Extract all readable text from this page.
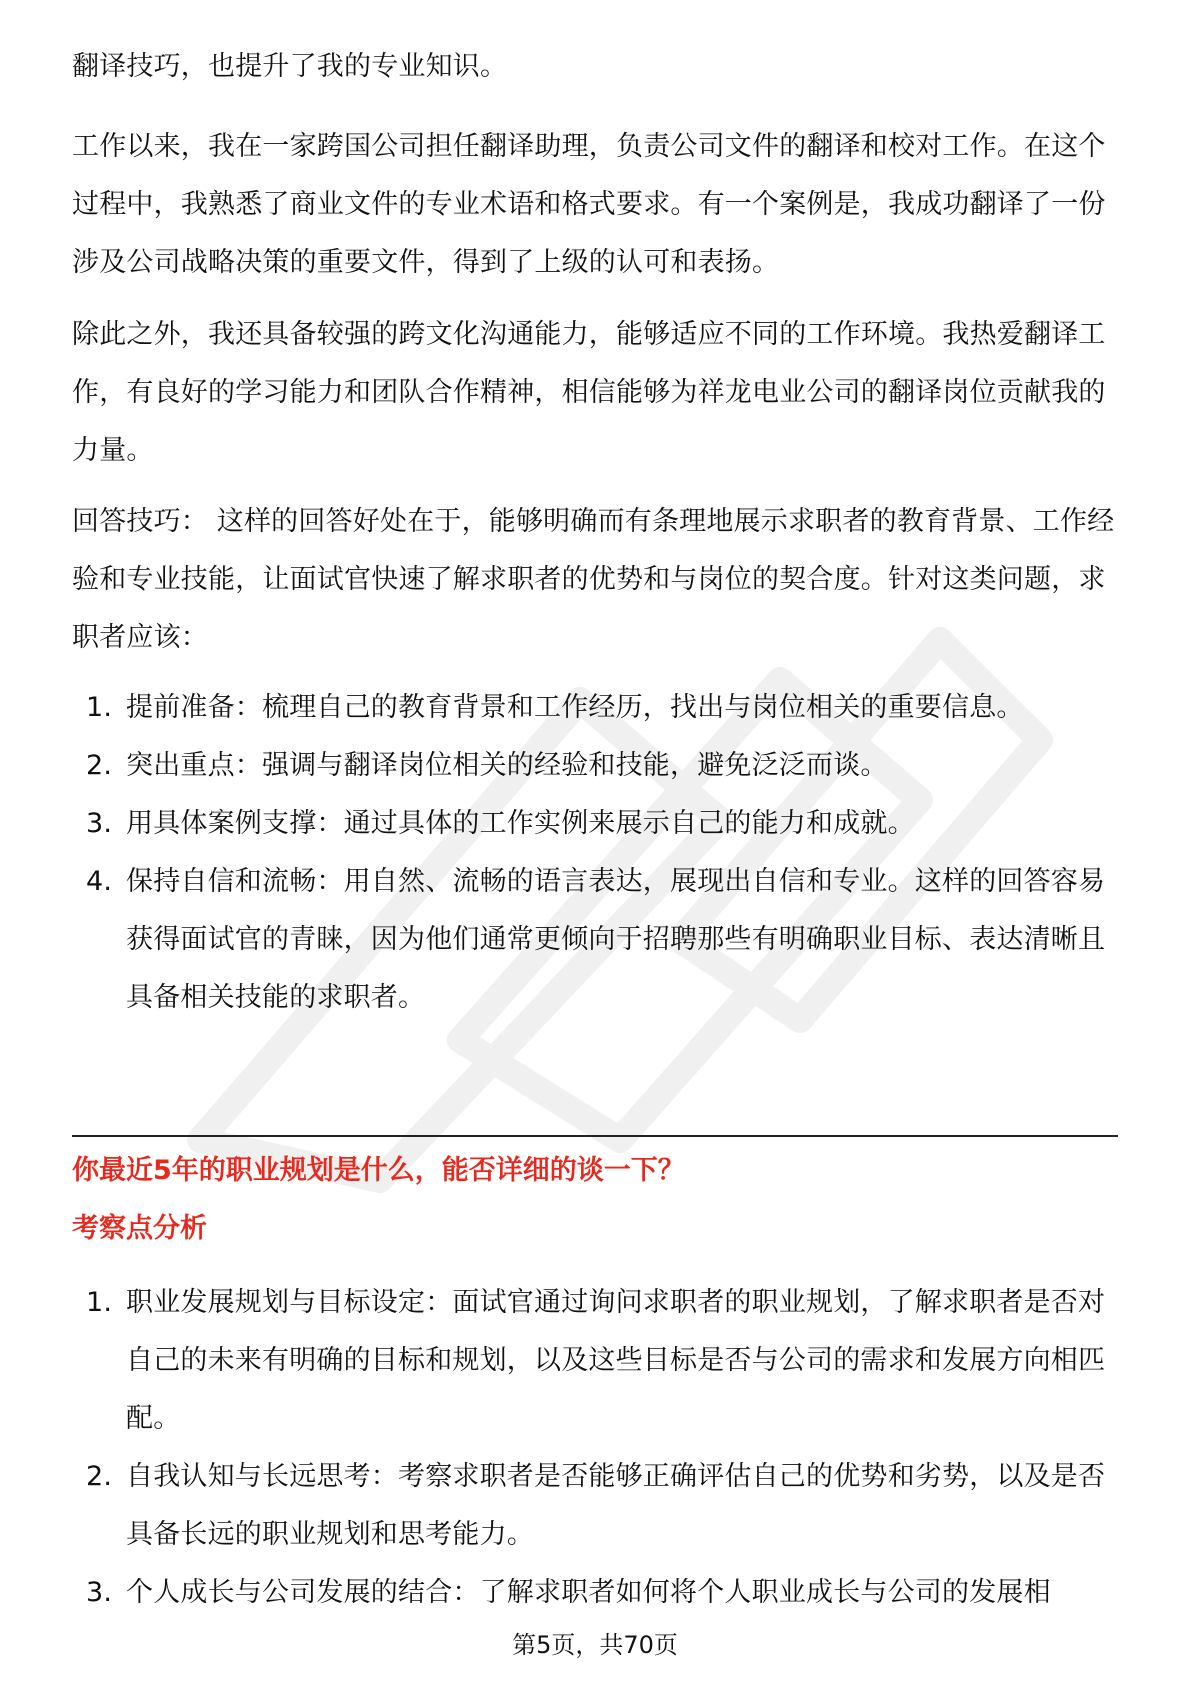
翻译技巧，也提升了我的专业知识。

工作以来，我在一家跨国公司担任翻译助理，负责公司文件的翻译和校对工作。在这个过程中，我熟悉了商业文件的专业术语和格式要求。有一个案例是，我成功翻译了一份涉及公司战略决策的重要文件，得到了上级的认可和表扬。

除此之外，我还具备较强的跨文化沟通能力，能够适应不同的工作环境。我热爱翻译工作，有良好的学习能力和团队合作精神，相信能够为祥龙电业公司的翻译岗位贡献我的力量。

回答技巧： 这样的回答好处在于，能够明确而有条理地展示求职者的教育背景、工作经验和专业技能，让面试官快速了解求职者的优势和与岗位的契合度。针对这类问题，求职者应该：

1. 提前准备：梳理自己的教育背景和工作经历，找出与岗位相关的重要信息。
2. 突出重点：强调与翻译岗位相关的经验和技能，避免泛泛而谈。
3. 用具体案例支撑：通过具体的工作实例来展示自己的能力和成就。
4. 保持自信和流畅：用自然、流畅的语言表达，展现出自信和专业。这样的回答容易获得面试官的青睐，因为他们通常更倾向于招聘那些有明确职业目标、表达清晰且具备相关技能的求职者。
你最近5年的职业规划是什么，能否详细的谈一下？
考察点分析
1. 职业发展规划与目标设定：面试官通过询问求职者的职业规划，了解求职者是否对自己的未来有明确的目标和规划，以及这些目标是否与公司的需求和发展方向相匹配。
2. 自我认知与长远思考：考察求职者是否能够正确评估自己的优势和劣势，以及是否具备长远的职业规划和思考能力。
3. 个人成长与公司发展的结合：了解求职者如何将个人职业成长与公司的发展相
第5页，共70页
